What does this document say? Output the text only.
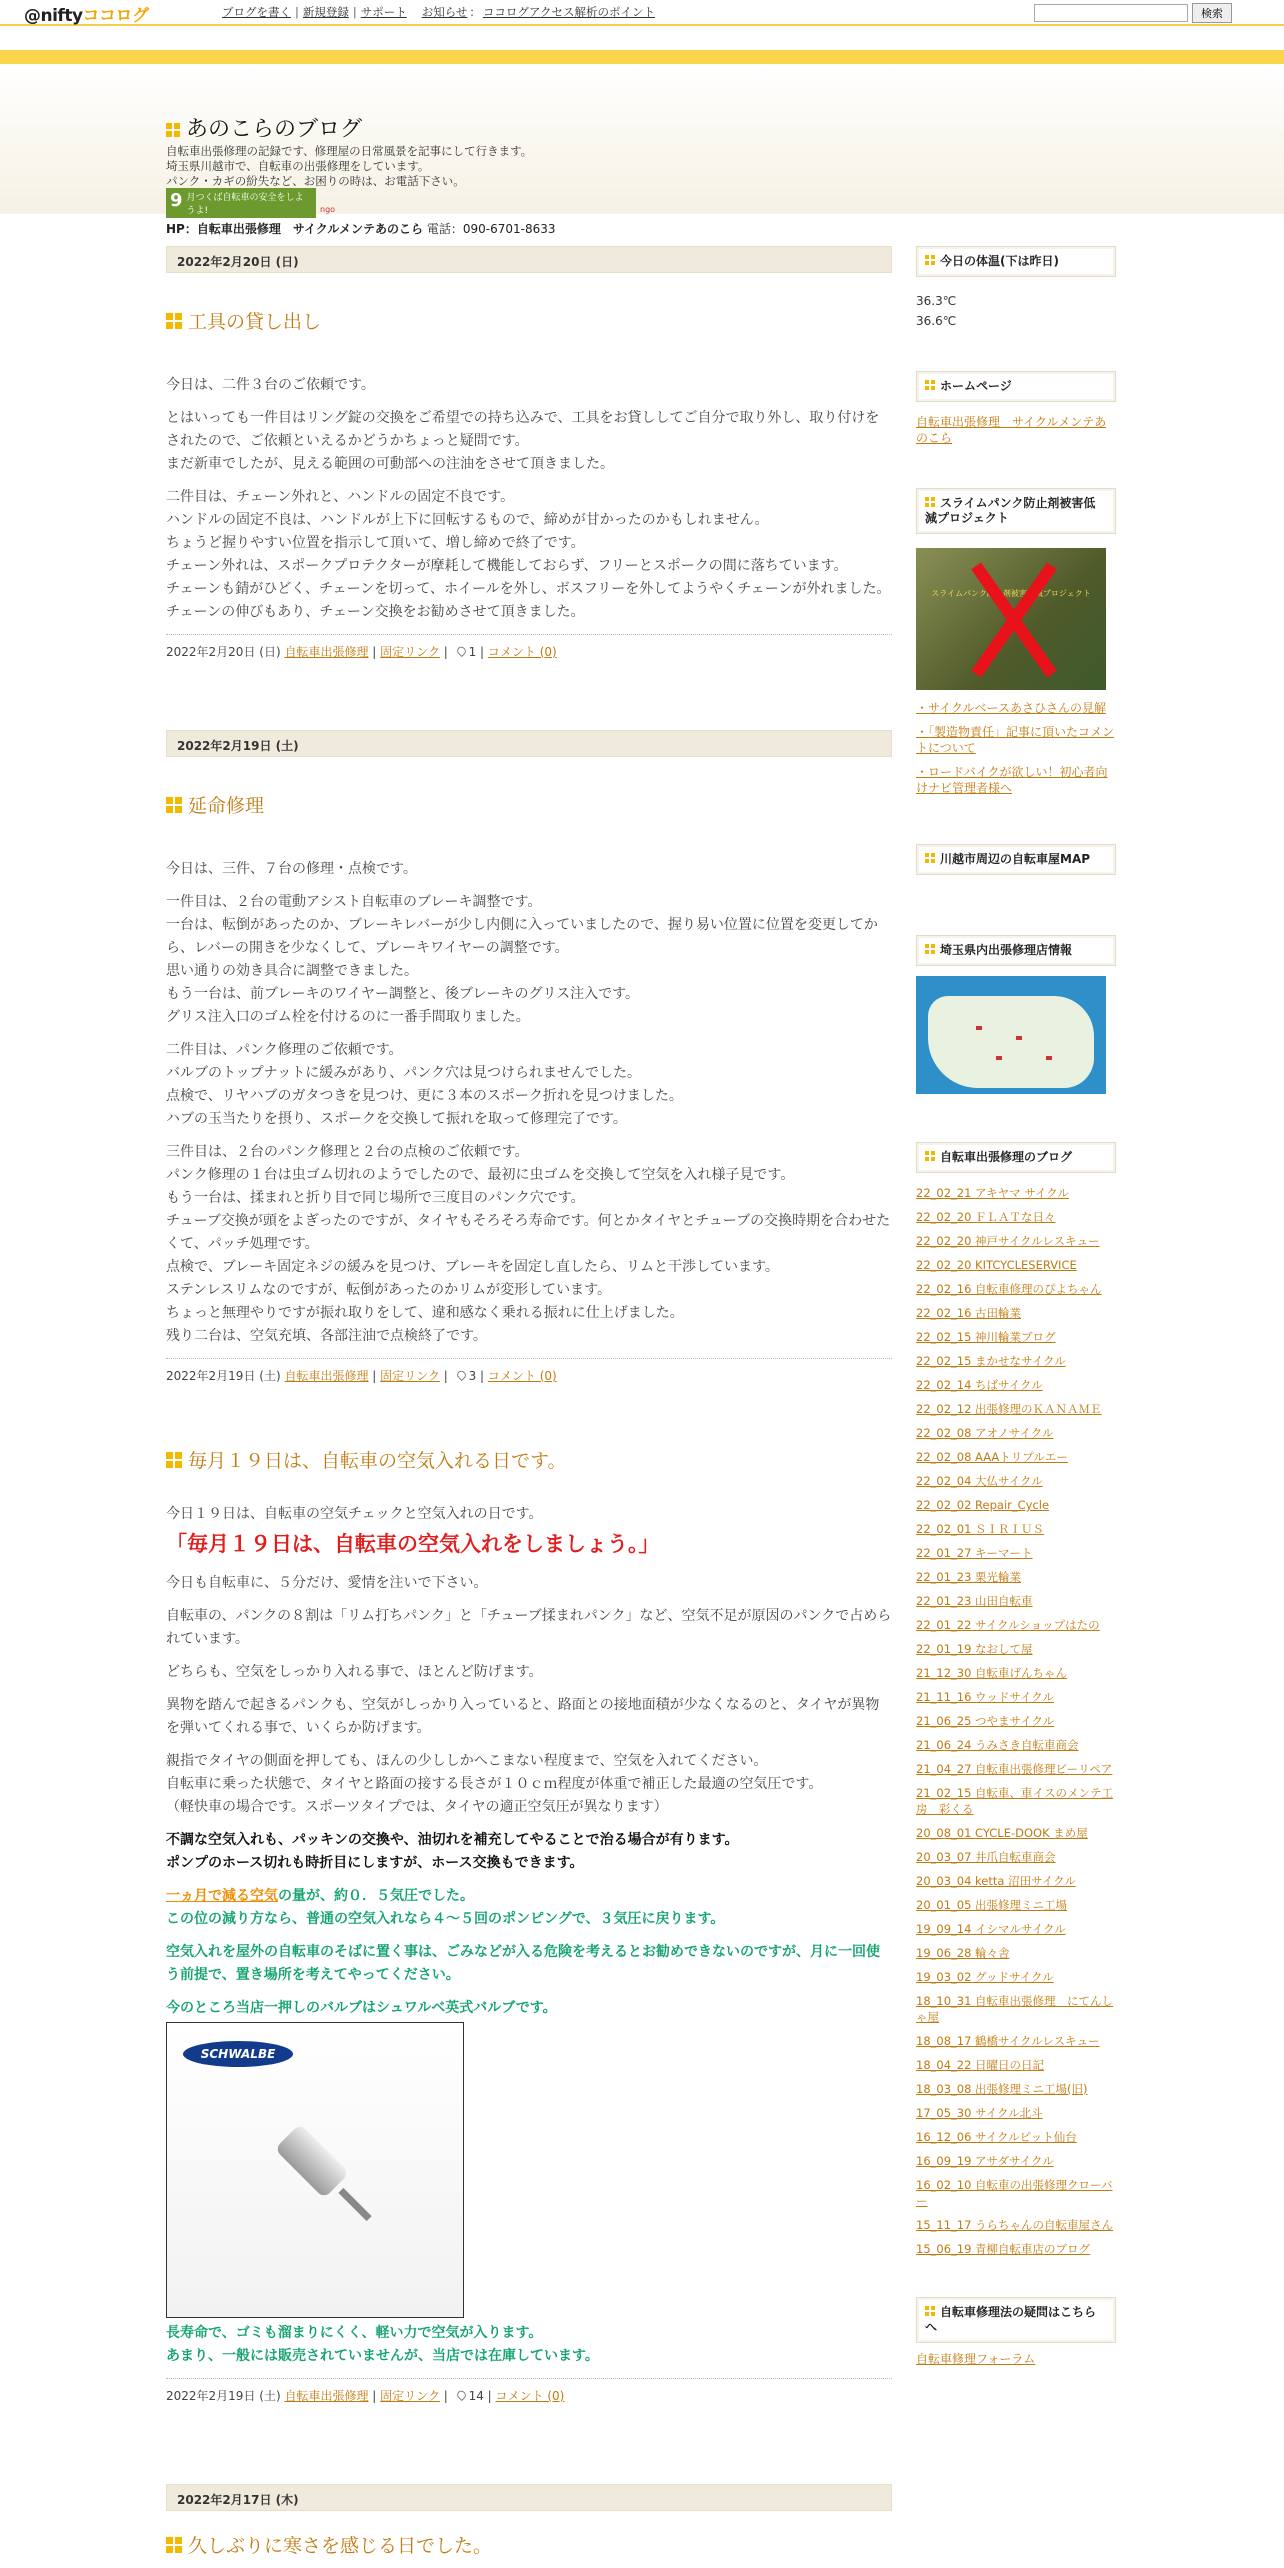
@niftyココログ	ブログを書く | 新規登録 | サポート お知らせ ： ココログアクセス解析のポイント	検索
あのこらのブログ
自転車出張修理の記録です、修理屋の日常風景を記事にして行きます。
埼玉県川越市で、自転車の出張修理をしています。
パンク・カギの紛失など、お困りの時は、お電話下さい。
9 月つくば自転車の安全をしようよ!	ngo
HP：自転車出張修理　サイクルメンテあのこら 電話：090-6701-8633
2022年2月20日 (日)
工具の貸し出し

今日は、二件３台のご依頼です。

とはいっても一件目はリング錠の交換をご希望での持ち込みで、工具をお貸ししてご自分で取り外し、取り付けをされたので、ご依頼といえるかどうかちょっと疑問です。
まだ新車でしたが、見える範囲の可動部への注油をさせて頂きました。

二件目は、チェーン外れと、ハンドルの固定不良です。
ハンドルの固定不良は、ハンドルが上下に回転するもので、締めが甘かったのかもしれません。
ちょうど握りやすい位置を指示して頂いて、増し締めで終了です。
チェーン外れは、スポークプロテクターが摩耗して機能しておらず、フリーとスポークの間に落ちています。
チェーンも錆がひどく、チェーンを切って、ホイールを外し、ボスフリーを外してようやくチェーンが外れました。
チェーンの伸びもあり、チェーン交換をお勧めさせて頂きました。

2022年2月20日 (日) 自転車出張修理 | 固定リンク | 1 | コメント (0)
2022年2月19日 (土)
延命修理

今日は、三件、７台の修理・点検です。

一件目は、２台の電動アシスト自転車のブレーキ調整です。
一台は、転倒があったのか、ブレーキレバーが少し内側に入っていましたので、握り易い位置に位置を変更してから、レバーの開きを少なくして、ブレーキワイヤーの調整です。
思い通りの効き具合に調整できました。
もう一台は、前ブレーキのワイヤー調整と、後ブレーキのグリス注入です。
グリス注入口のゴム栓を付けるのに一番手間取りました。

二件目は、パンク修理のご依頼です。
バルブのトップナットに緩みがあり、パンク穴は見つけられませんでした。
点検で、リヤハブのガタつきを見つけ、更に３本のスポーク折れを見つけました。
ハブの玉当たりを摂り、スポークを交換して振れを取って修理完了です。

三件目は、２台のパンク修理と２台の点検のご依頼です。
パンク修理の１台は虫ゴム切れのようでしたので、最初に虫ゴムを交換して空気を入れ様子見です。
もう一台は、揉まれと折り目で同じ場所で三度目のパンク穴です。
チューブ交換が頭をよぎったのですが、タイヤもそろそろ寿命です。何とかタイヤとチューブの交換時期を合わせたくて、パッチ処理です。
点検で、ブレーキ固定ネジの緩みを見つけ、ブレーキを固定し直したら、リムと干渉しています。
ステンレスリムなのですが、転倒があったのかリムが変形しています。
ちょっと無理やりですが振れ取りをして、違和感なく乗れる振れに仕上げました。
残り二台は、空気充填、各部注油で点検終了です。

2022年2月19日 (土) 自転車出張修理 | 固定リンク | 3 | コメント (0)
毎月１９日は、自転車の空気入れる日です。

今日１９日は、自転車の空気チェックと空気入れの日です。

「毎月１９日は、自転車の空気入れをしましょう。」

今日も自転車に、５分だけ、愛情を注いで下さい。

自転車の、パンクの８割は「リム打ちパンク」と「チューブ揉まれパンク」など、空気不足が原因のパンクで占められています。

どちらも、空気をしっかり入れる事で、ほとんど防げます。

異物を踏んで起きるパンクも、空気がしっかり入っていると、路面との接地面積が少なくなるのと、タイヤが異物を弾いてくれる事で、いくらか防げます。

親指でタイヤの側面を押しても、ほんの少ししかへこまない程度まで、空気を入れてください。
自転車に乗った状態で、タイヤと路面の接する長さが１０ｃｍ程度が体重で補正した最適の空気圧です。
（軽快車の場合です。スポーツタイプでは、タイヤの適正空気圧が異なります）

不調な空気入れも、パッキンの交換や、油切れを補充してやることで治る場合が有ります。
ポンプのホース切れも時折目にしますが、ホース交換もできます。

一ヵ月で減る空気の量が、約０．５気圧でした。
この位の減り方なら、普通の空気入れなら４～５回のポンピングで、３気圧に戻ります。

空気入れを屋外の自転車のそばに置く事は、ごみなどが入る危険を考えるとお勧めできないのですが、月に一回使う前提で、置き場所を考えてやってください。

今のところ当店一押しのバルブはシュワルベ英式バルブです。

SCHWALBE

長寿命で、ゴミも溜まりにくく、軽い力で空気が入ります。
あまり、一般には販売されていませんが、当店では在庫しています。

2022年2月19日 (土) 自転車出張修理 | 固定リンク | 14 | コメント (0)
2022年2月17日 (木)
久しぶりに寒さを感じる日でした。
今日の体温(下は昨日)
36.3℃
36.6℃
ホームページ
自転車出張修理　サイクルメンテあのこら
スライムパンク防止剤被害低減プロジェクト
スライムパンク防止剤被害低減プロジェクト
・サイクルベースあさひさんの見解
・「製造物責任」記事に頂いたコメントについて
・ロードバイクが欲しい！初心者向けナビ管理者様へ
川越市周辺の自転車屋MAP
埼玉県内出張修理店情報
自転車出張修理のブログ
22_02_21 アキヤマ サイクル
22_02_20 ＦＬＡＴな日々
22_02_20 神戸サイクルレスキュー
22_02_20 KITCYCLESERVICE
22_02_16 自転車修理のぴよちゃん
22_02_16 古田輪業
22_02_15 神川輪業ブログ
22_02_15 まかせなサイクル
22_02_14 ちばサイクル
22_02_12 出張修理のＫＡＮＡＭＥ
22_02_08 アオノサイクル
22_02_08 AAAトリプルエー
22_02_04 大仏サイクル
22_02_02 Repair_Cycle
22_02_01 ＳＩＲＩＵＳ
22_01_27 キーマート
22_01_23 栗光輪業
22_01_23 山田自転車
22_01_22 サイクルショップはたの
22_01_19 なおして屋
21_12_30 自転車げんちゃん
21_11_16 ウッドサイクル
21_06_25 つやまサイクル
21_06_24 うみさき自転車商会
21_04_27 自転車出張修理ビーリペア
21_02_15 自転車、車イスのメンテ工房　彩くる
20_08_01 CYCLE-DOOK まめ屋
20_03_07 井爪自転車商会
20_03_04 ketta 沼田サイクル
20_01_05 出張修理ミニ工場
19_09_14 イシマルサイクル
19_06_28 輪々舎
19_03_02 グッドサイクル
18_10_31 自転車出張修理　にてんしゃ屋
18_08_17 鶴橋サイクルレスキュー
18_04_22 日曜日の日記
18_03_08 出張修理ミニ工場(旧)
17_05_30 サイクル北斗
16_12_06 サイクルピット仙台
16_09_19 アサダサイクル
16_02_10 自転車の出張修理クローバー
15_11_17 うらちゃんの自転車屋さん
15_06_19 青柳自転車店のブログ
自転車修理法の疑問はこちらへ
自転車修理フォーラム
